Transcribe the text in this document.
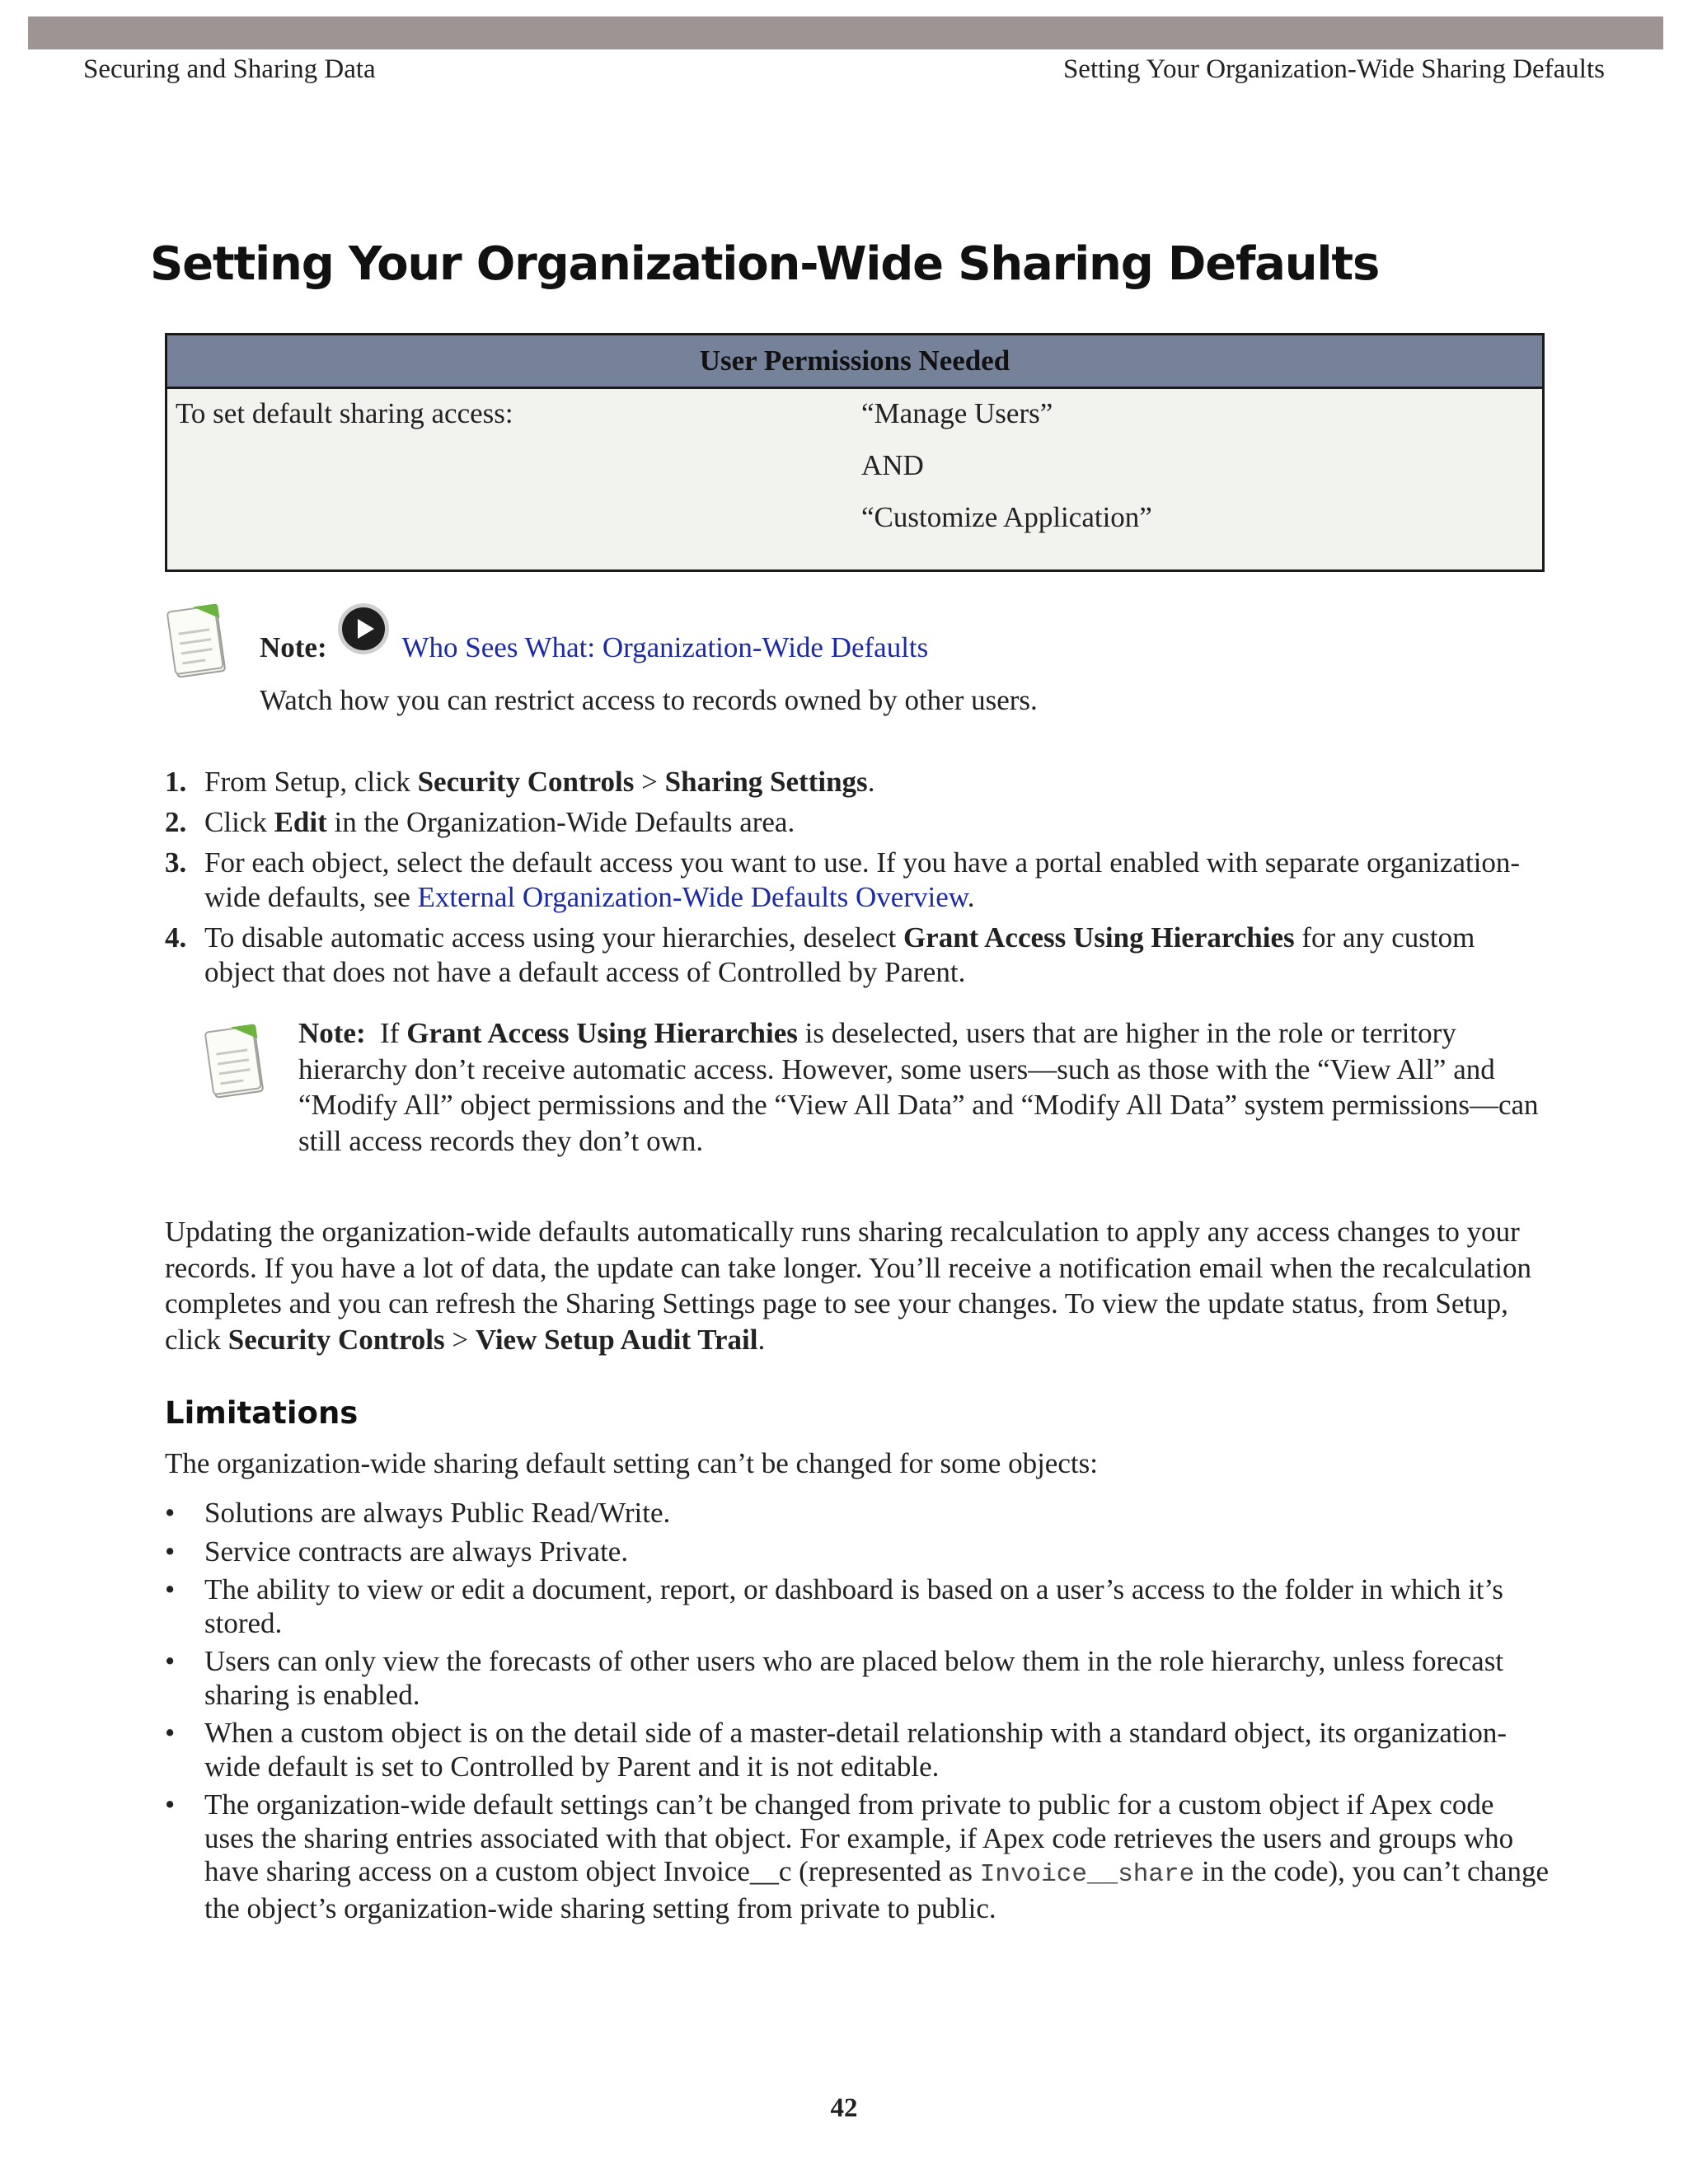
Securing and Sharing Data	Setting Your Organization-Wide Sharing Defaults
Setting Your Organization-Wide Sharing Defaults
User Permissions Needed
To set default sharing access:	“Manage Users”
AND
“Customize Application”
Note:	Who Sees What: Organization-Wide Defaults
Watch how you can restrict access to records owned by other users.
1. From Setup, click Security Controls > Sharing Settings.
2. Click Edit in the Organization-Wide Defaults area.
3. For each object, select the default access you want to use. If you have a portal enabled with separate organization-wide defaults, see External Organization-Wide Defaults Overview.
4. To disable automatic access using your hierarchies, deselect Grant Access Using Hierarchies for any custom object that does not have a default access of Controlled by Parent.
Note: If Grant Access Using Hierarchies is deselected, users that are higher in the role or territory hierarchy don’t receive automatic access. However, some users—such as those with the “View All” and “Modify All” object permissions and the “View All Data” and “Modify All Data” system permissions—can still access records they don’t own.

Updating the organization-wide defaults automatically runs sharing recalculation to apply any access changes to your records. If you have a lot of data, the update can take longer. You’ll receive a notification email when the recalculation completes and you can refresh the Sharing Settings page to see your changes. To view the update status, from Setup, click Security Controls > View Setup Audit Trail.

Limitations
The organization-wide sharing default setting can’t be changed for some objects:
• Solutions are always Public Read/Write.
• Service contracts are always Private.
• The ability to view or edit a document, report, or dashboard is based on a user’s access to the folder in which it’s stored.
• Users can only view the forecasts of other users who are placed below them in the role hierarchy, unless forecast sharing is enabled.
• When a custom object is on the detail side of a master-detail relationship with a standard object, its organization-wide default is set to Controlled by Parent and it is not editable.
• The organization-wide default settings can’t be changed from private to public for a custom object if Apex code uses the sharing entries associated with that object. For example, if Apex code retrieves the users and groups who have sharing access on a custom object Invoice__c (represented as Invoice__share in the code), you can’t change the object’s organization-wide sharing setting from private to public.
42
